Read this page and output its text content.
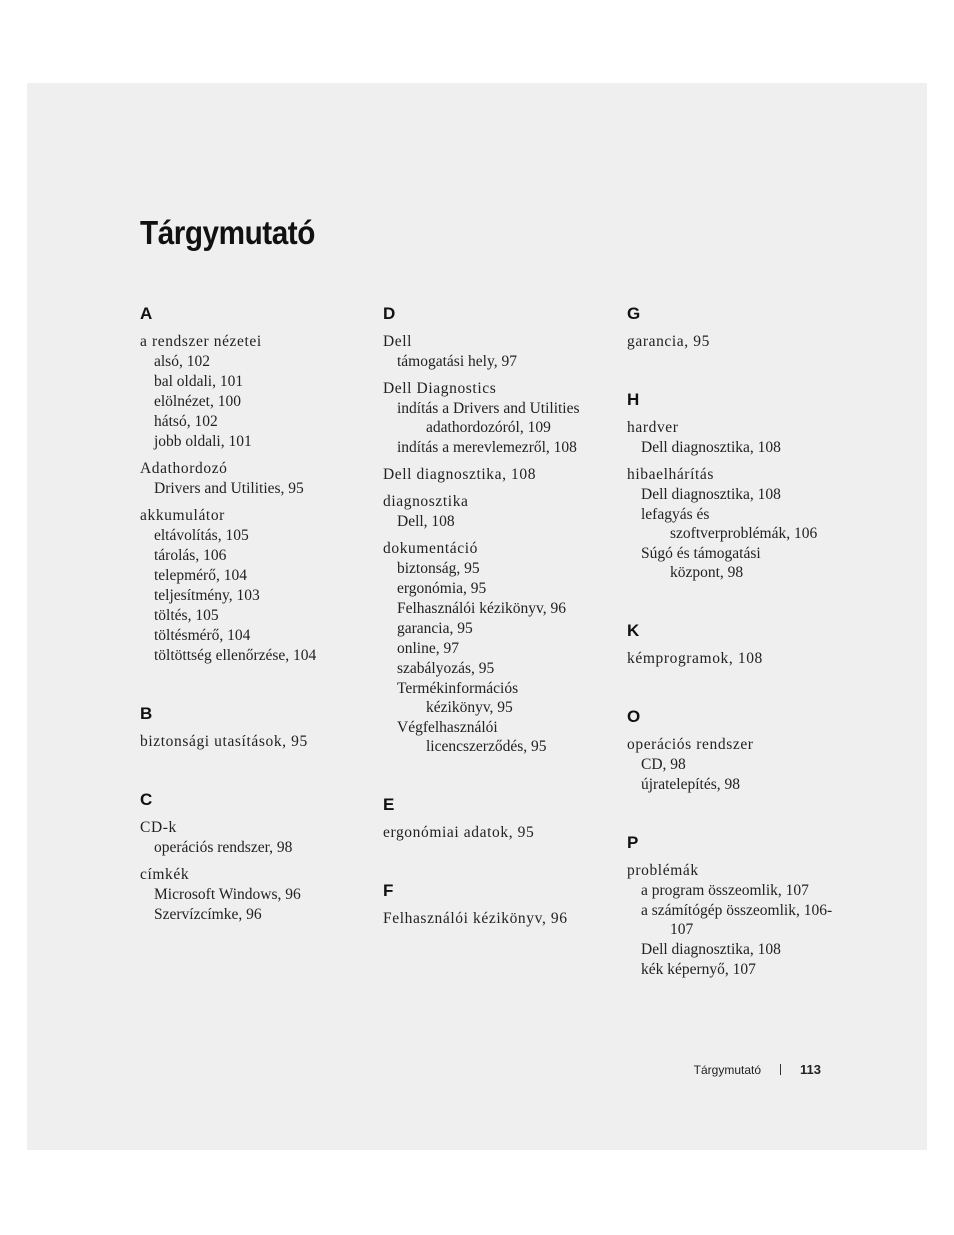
Tárgymutató
A
a rendszer nézetei
alsó, 102
bal oldali, 101
elölnézet, 100
hátsó, 102
jobb oldali, 101
Adathordozó
Drivers and Utilities, 95
akkumulátor
eltávolítás, 105
tárolás, 106
telepmérő, 104
teljesítmény, 103
töltés, 105
töltésmérő, 104
töltöttség ellenőrzése, 104
B
biztonsági utasítások, 95
C
CD-k
operációs rendszer, 98
címkék
Microsoft Windows, 96
Szervízcímke, 96
D
Dell
támogatási hely, 97
Dell Diagnostics
indítás a Drivers and Utilities
adathordozóról, 109
indítás a merevlemezről, 108
Dell diagnosztika, 108
diagnosztika
Dell, 108
dokumentáció
biztonság, 95
ergonómia, 95
Felhasználói kézikönyv, 96
garancia, 95
online, 97
szabályozás, 95
Termékinformációs
kézikönyv, 95
Végfelhasználói
licencszerződés, 95
E
ergonómiai adatok, 95
F
Felhasználói kézikönyv, 96
G
garancia, 95
H
hardver
Dell diagnosztika, 108
hibaelhárítás
Dell diagnosztika, 108
lefagyás és
szoftverproblémák, 106
Súgó és támogatási
központ, 98
K
kémprogramok, 108
O
operációs rendszer
CD, 98
újratelepítés, 98
P
problémák
a program összeomlik, 107
a számítógép összeomlik, 106-
107
Dell diagnosztika, 108
kék képernyő, 107
Tárgymutató	113
